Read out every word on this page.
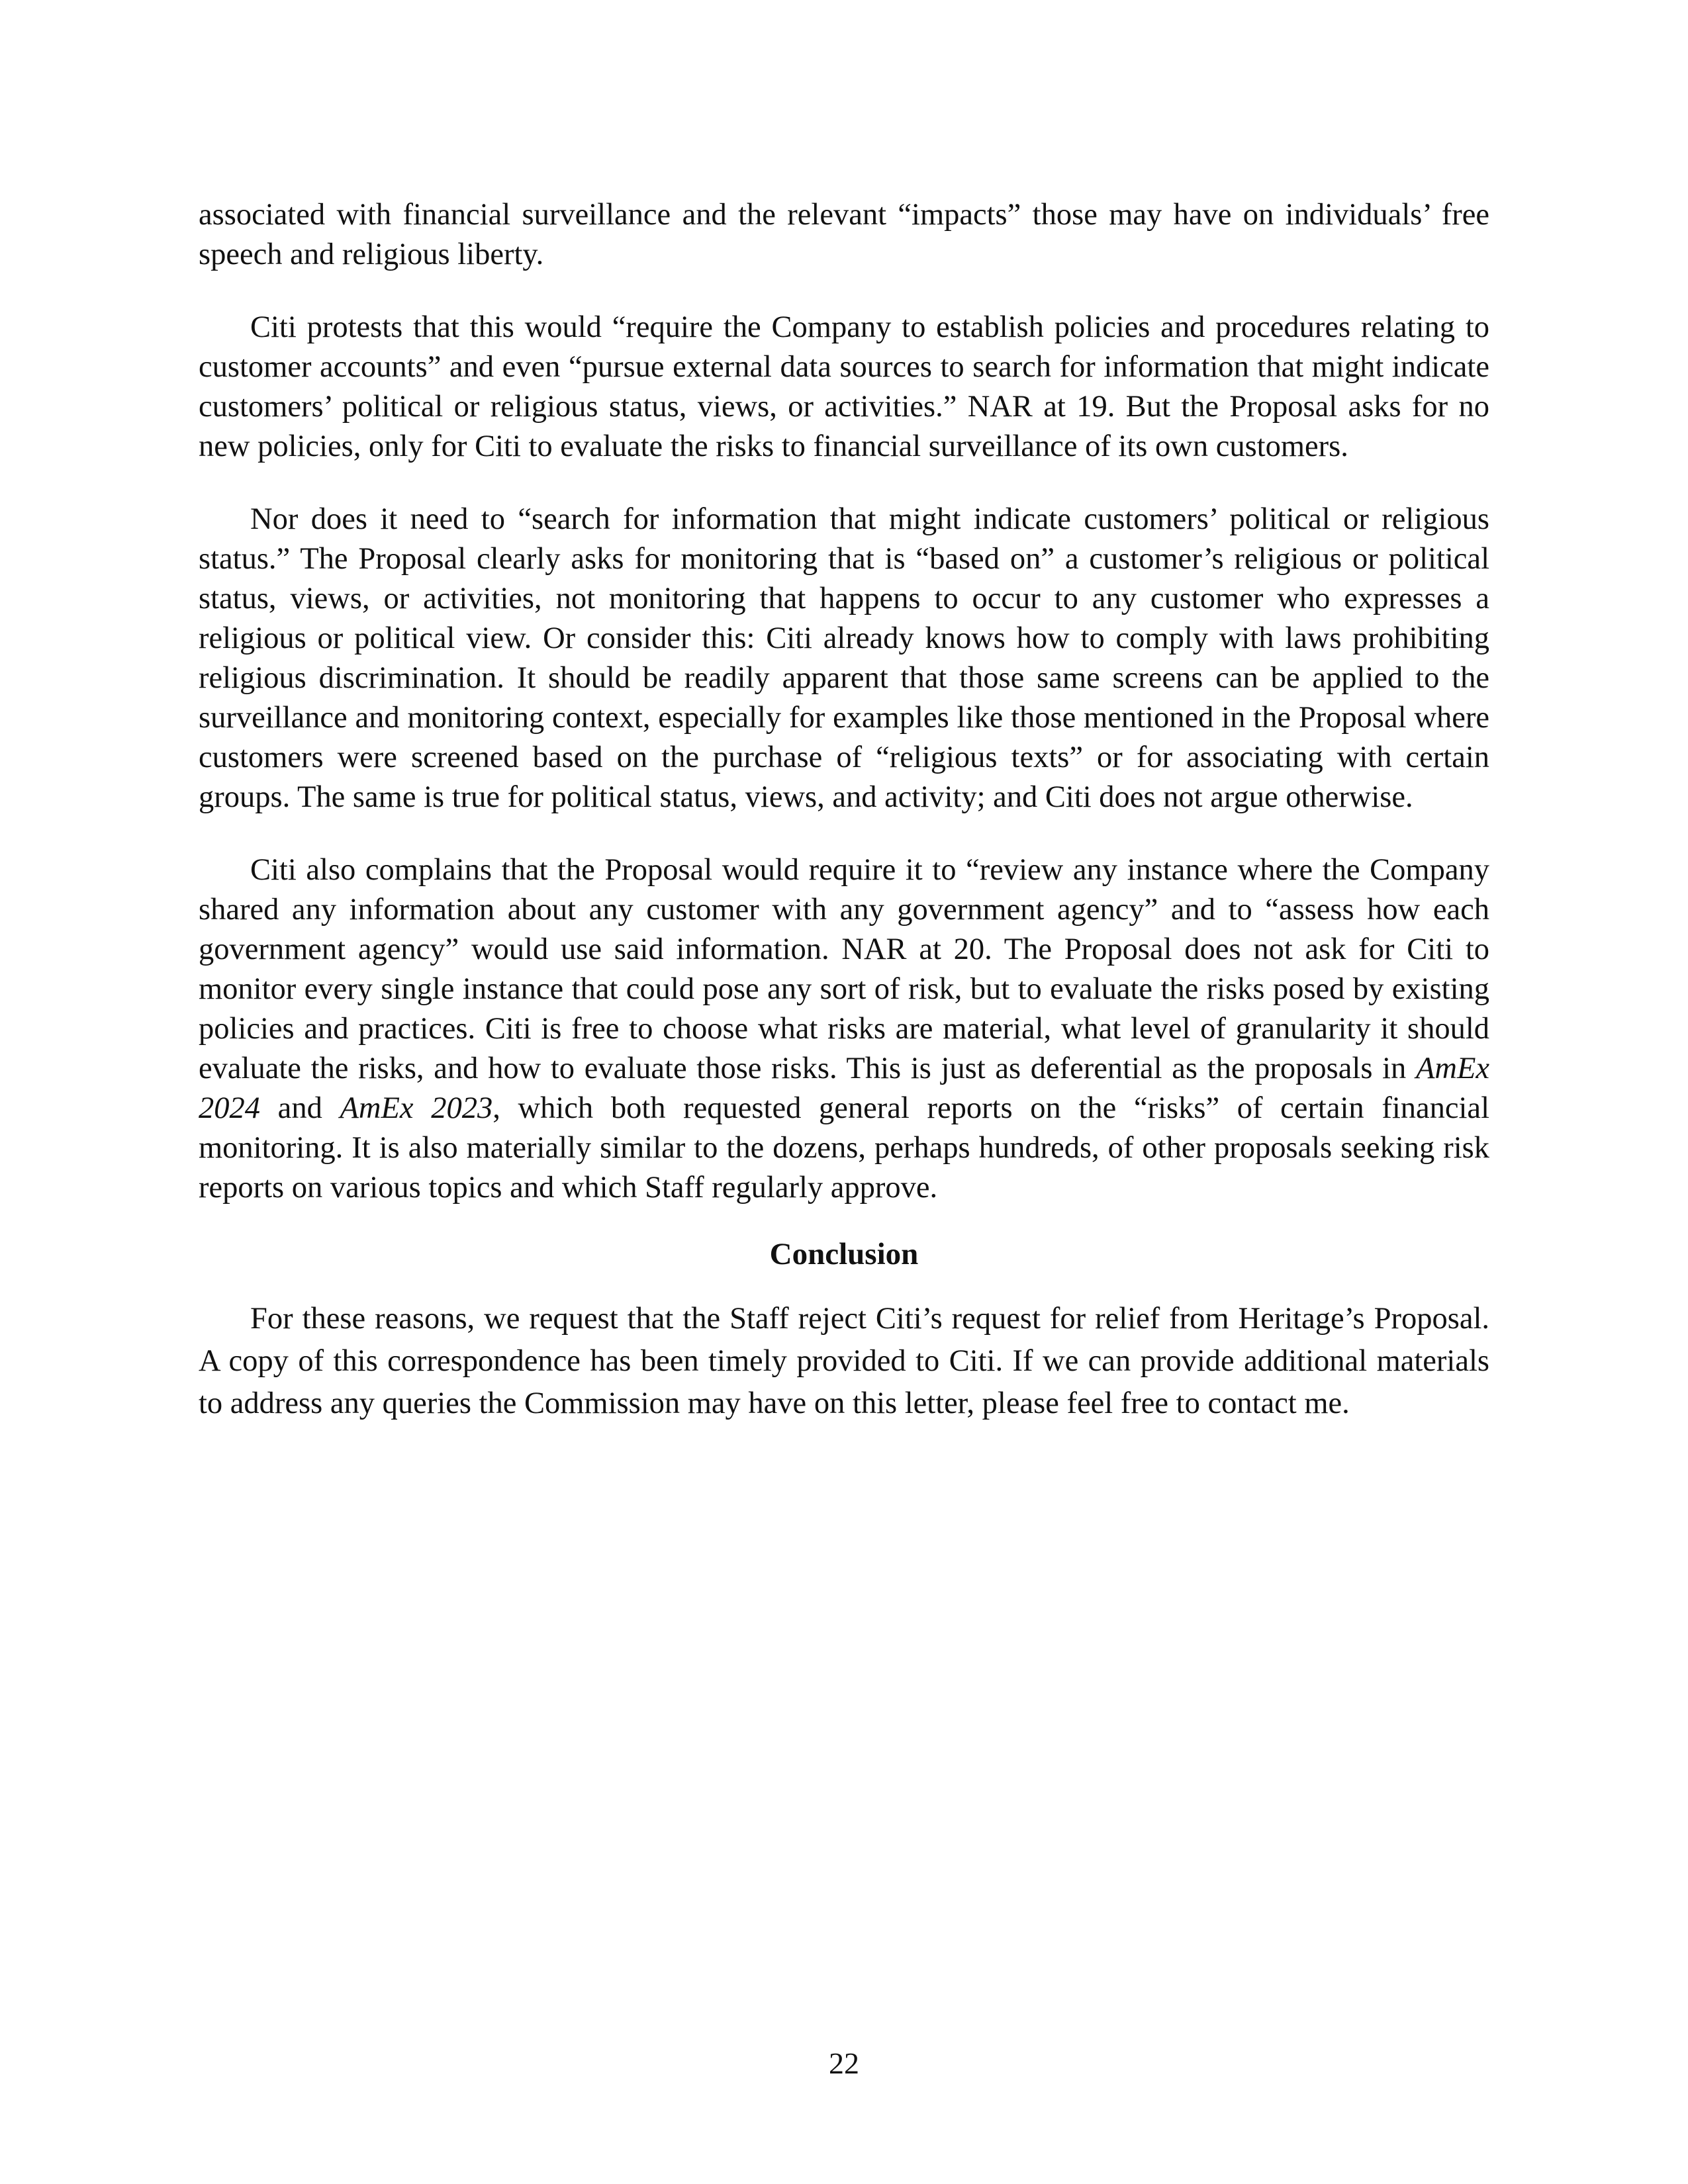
associated with financial surveillance and the relevant “impacts” those may have on individuals’ free speech and religious liberty.

Citi protests that this would “require the Company to establish policies and procedures relating to customer accounts” and even “pursue external data sources to search for information that might indicate customers’ political or religious status, views, or activities.” NAR at 19. But the Proposal asks for no new policies, only for Citi to evaluate the risks to financial surveillance of its own customers.

Nor does it need to “search for information that might indicate customers’ political or religious status.” The Proposal clearly asks for monitoring that is “based on” a customer’s religious or political status, views, or activities, not monitoring that happens to occur to any customer who expresses a religious or political view. Or consider this: Citi already knows how to comply with laws prohibiting religious discrimination. It should be readily apparent that those same screens can be applied to the surveillance and monitoring context, especially for examples like those mentioned in the Proposal where customers were screened based on the purchase of “religious texts” or for associating with certain groups. The same is true for political status, views, and activity; and Citi does not argue otherwise.

Citi also complains that the Proposal would require it to “review any instance where the Company shared any information about any customer with any government agency” and to “assess how each government agency” would use said information. NAR at 20. The Proposal does not ask for Citi to monitor every single instance that could pose any sort of risk, but to evaluate the risks posed by existing policies and practices. Citi is free to choose what risks are material, what level of granularity it should evaluate the risks, and how to evaluate those risks. This is just as deferential as the proposals in AmEx 2024 and AmEx 2023, which both requested general reports on the “risks” of certain financial monitoring. It is also materially similar to the dozens, perhaps hundreds, of other proposals seeking risk reports on various topics and which Staff regularly approve.

Conclusion

For these reasons, we request that the Staff reject Citi’s request for relief from Heritage’s Proposal. A copy of this correspondence has been timely provided to Citi. If we can provide additional materials to address any queries the Commission may have on this letter, please feel free to contact me.

22
